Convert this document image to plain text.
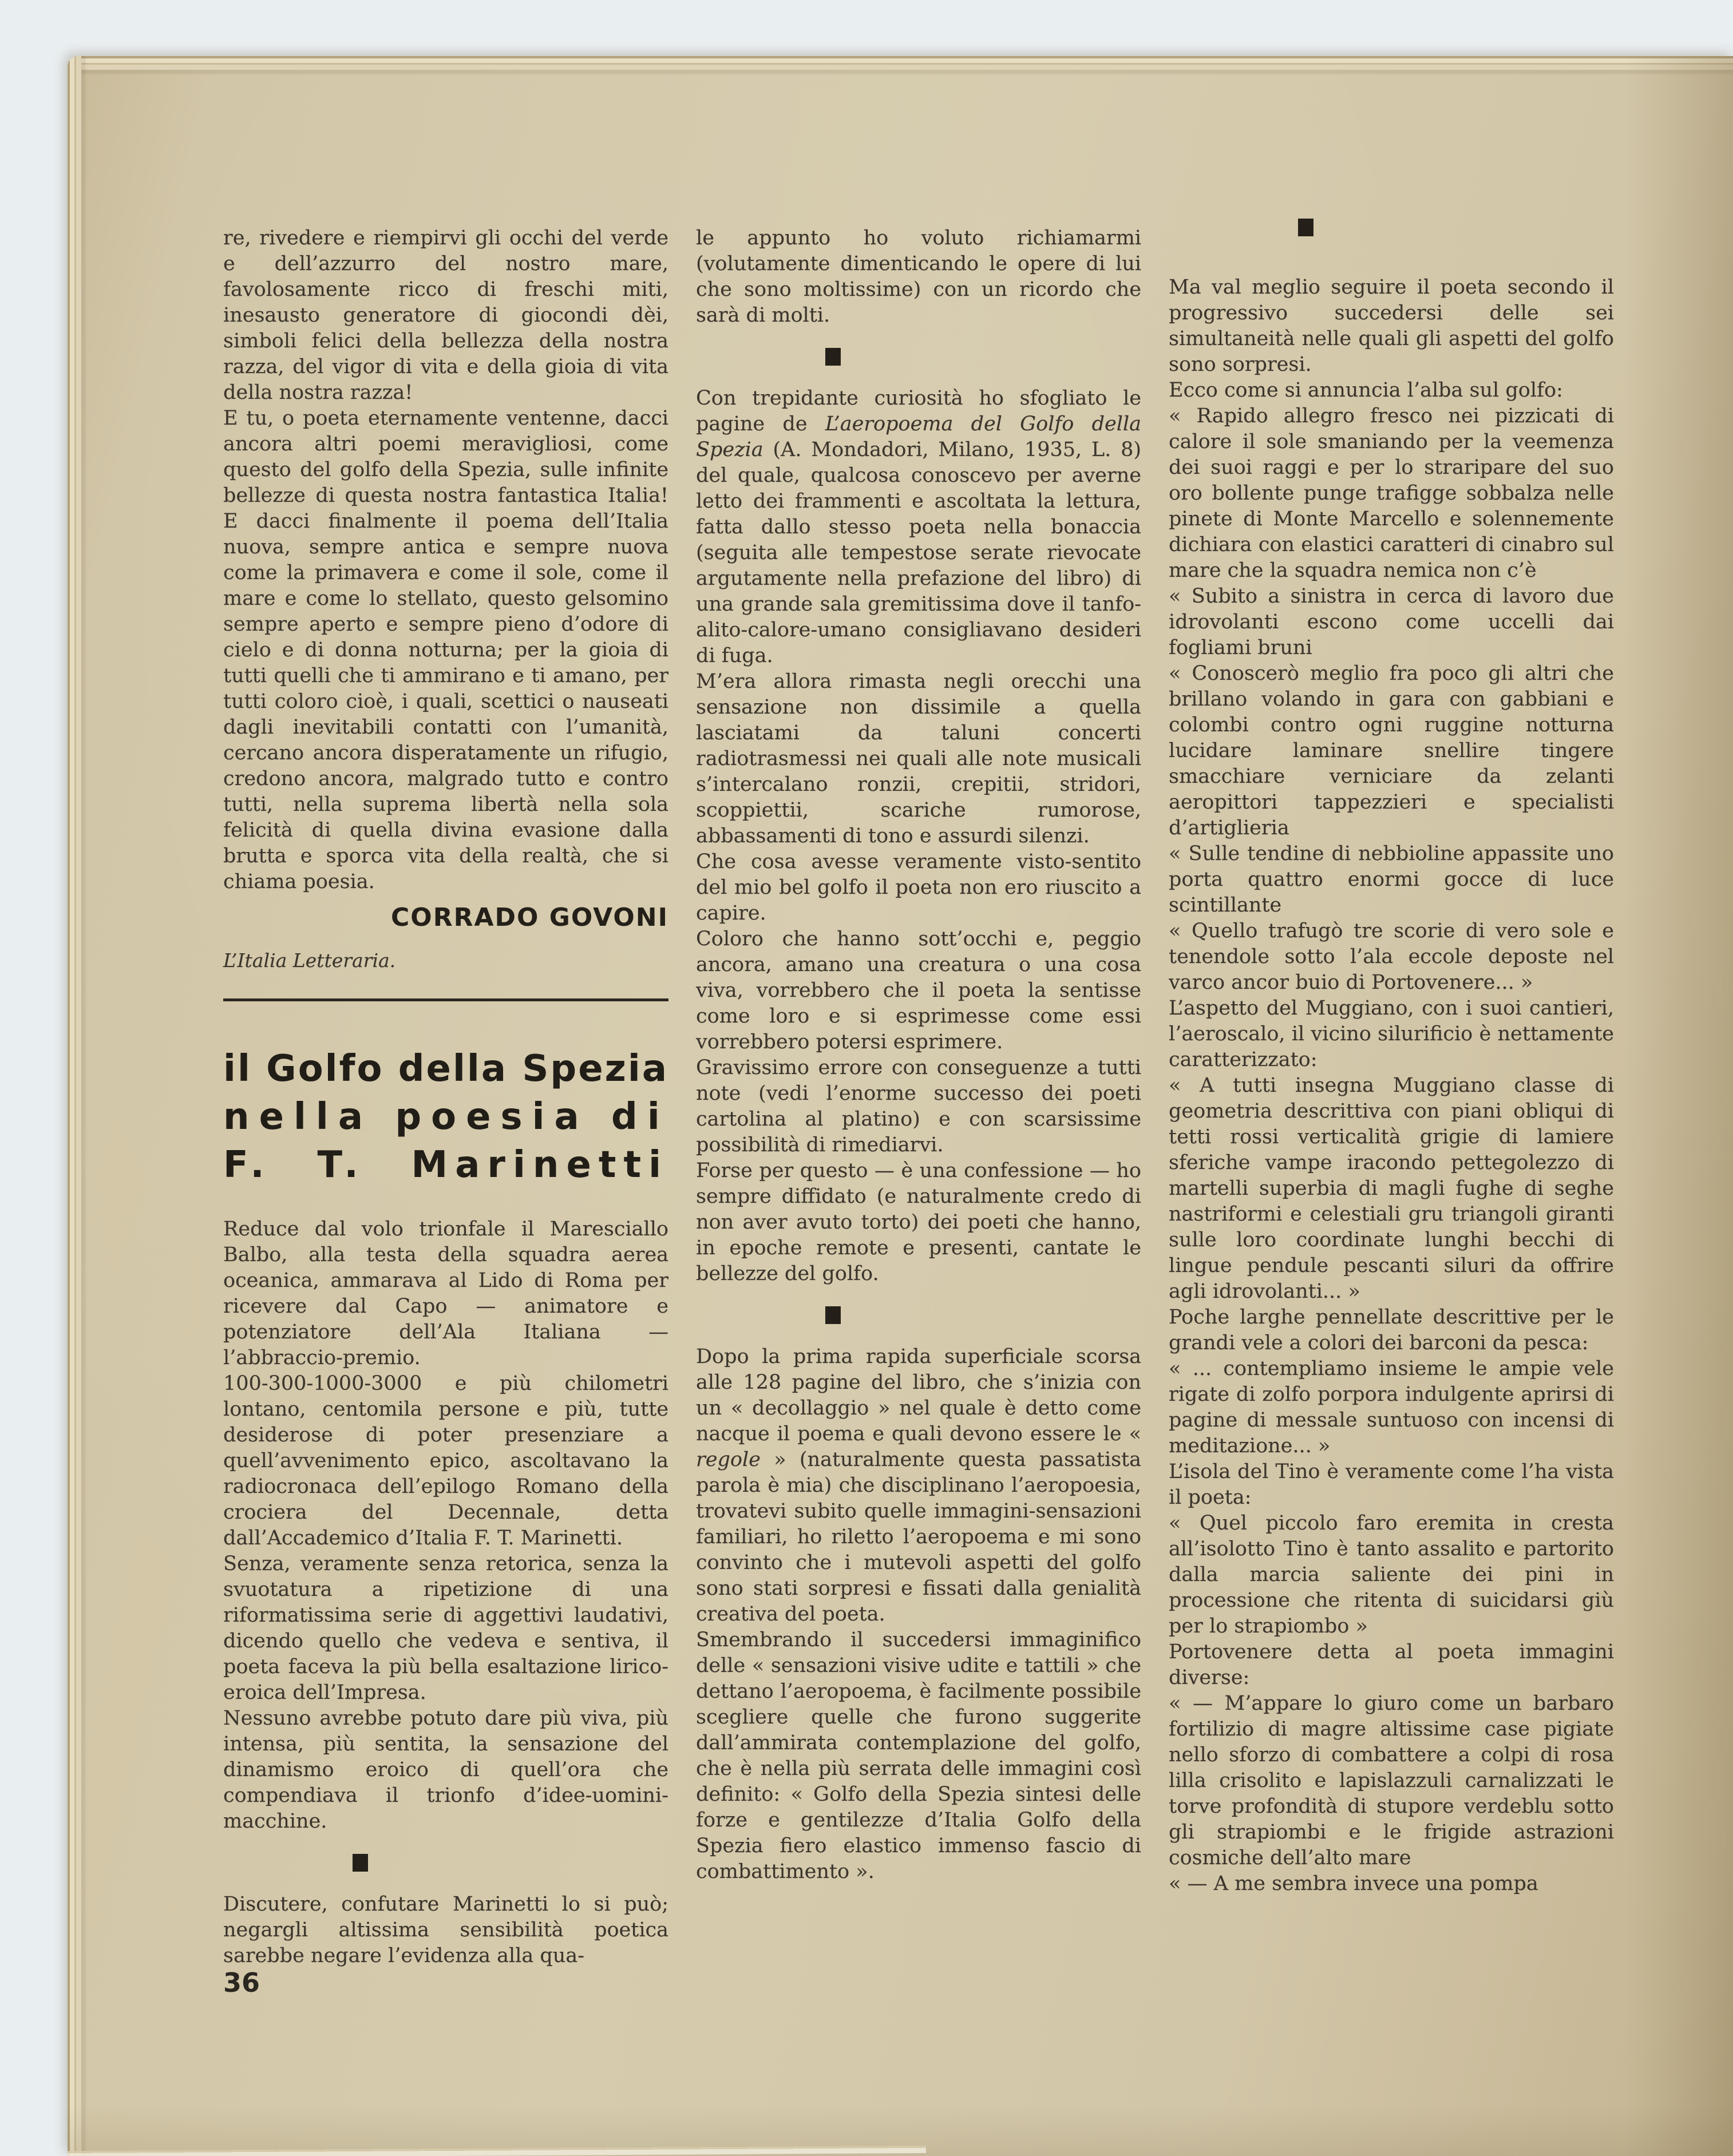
re, rivedere e riempirvi gli occhi del verde e dell’azzurro del nostro mare, favolosamente ricco di freschi miti, inesausto generatore di giocondi dèi, simboli felici della bellezza della nostra razza, del vigor di vita e della gioia di vita della nostra razza!

E tu, o poeta eternamente ventenne, dacci ancora altri poemi meravigliosi, come questo del golfo della Spezia, sulle infinite bellezze di questa nostra fantastica Italia! E dacci finalmente il poema dell’Italia nuova, sempre antica e sempre nuova come la primavera e come il sole, come il mare e come lo stellato, questo gelsomino sempre aperto e sempre pieno d’odore di cielo e di donna notturna; per la gioia di tutti quelli che ti ammirano e ti amano, per tutti coloro cioè, i quali, scettici o nauseati dagli inevitabili contatti con l’umanità, cercano ancora disperatamente un rifugio, credono ancora, malgrado tutto e contro tutti, nella suprema libertà nella sola felicità di quella divina evasione dalla brutta e sporca vita della realtà, che si chiama poesia.

CORRADO GOVONI

L’Italia Letteraria.

il Golfo della Spezia
nella poesia di
F. T. Marinetti

Reduce dal volo trionfale il Maresciallo Balbo, alla testa della squadra aerea oceanica, ammarava al Lido di Roma per ricevere dal Capo — animatore e potenziatore dell’Ala Italiana — l’abbraccio-premio.

100-300-1000-3000 e più chilometri lontano, centomila persone e più, tutte desiderose di poter presenziare a quell’avvenimento epico, ascoltavano la radiocronaca dell’epilogo Romano della crociera del Decennale, detta dall’Accademico d’Italia F. T. Marinetti.

Senza, veramente senza retorica, senza la svuotatura a ripetizione di una riformatissima serie di aggettivi laudativi, dicendo quello che vedeva e sentiva, il poeta faceva la più bella esaltazione lirico-eroica dell’Impresa.

Nessuno avrebbe potuto dare più viva, più intensa, più sentita, la sensazione del dinamismo eroico di quell’ora che compendiava il trionfo d’idee-uomini-macchine.

Discutere, confutare Marinetti lo si può; negargli altissima sensibilità poetica sarebbe negare l’evidenza alla qua-

le appunto ho voluto richiamarmi (volutamente dimenticando le opere di lui che sono moltissime) con un ricordo che sarà di molti.

Con trepidante curiosità ho sfogliato le pagine de L’aeropoema del Golfo della Spezia (A. Mondadori, Milano, 1935, L. 8) del quale, qualcosa conoscevo per averne letto dei frammenti e ascoltata la lettura, fatta dallo stesso poeta nella bonaccia (seguita alle tempestose serate rievocate argutamente nella prefazione del libro) di una grande sala gremitissima dove il tanfo-alito-calore-umano consigliavano desideri di fuga.

M’era allora rimasta negli orecchi una sensazione non dissimile a quella lasciatami da taluni concerti radiotrasmessi nei quali alle note musicali s’intercalano ronzii, crepitii, stridori, scoppiettii, scariche rumorose, abbassamenti di tono e assurdi silenzi.

Che cosa avesse veramente visto-sentito del mio bel golfo il poeta non ero riuscito a capire.

Coloro che hanno sott’occhi e, peggio ancora, amano una creatura o una cosa viva, vorrebbero che il poeta la sentisse come loro e si esprimesse come essi vorrebbero potersi esprimere.

Gravissimo errore con conseguenze a tutti note (vedi l’enorme successo dei poeti cartolina al platino) e con scarsissime possibilità di rimediarvi.

Forse per questo — è una confessione — ho sempre diffidato (e naturalmente credo di non aver avuto torto) dei poeti che hanno, in epoche remote e presenti, cantate le bellezze del golfo.

Dopo la prima rapida superficiale scorsa alle 128 pagine del libro, che s’inizia con un « decollaggio » nel quale è detto come nacque il poema e quali devono essere le « regole » (naturalmente questa passatista parola è mia) che disciplinano l’aeropoesia, trovatevi subito quelle immagini-sensazioni familiari, ho riletto l’aeropoema e mi sono convinto che i mutevoli aspetti del golfo sono stati sorpresi e fissati dalla genialità creativa del poeta.

Smembrando il succedersi immaginifico delle « sensazioni visive udite e tattili » che dettano l’aeropoema, è facilmente possibile scegliere quelle che furono suggerite dall’ammirata contemplazione del golfo, che è nella più serrata delle immagini così definito: « Golfo della Spezia sintesi delle forze e gentilezze d’Italia Golfo della Spezia fiero elastico immenso fascio di combattimento ».

Ma val meglio seguire il poeta secondo il progressivo succedersi delle sei simultaneità nelle quali gli aspetti del golfo sono sorpresi.

Ecco come si annuncia l’alba sul golfo:

« Rapido allegro fresco nei pizzicati di calore il sole smaniando per la veemenza dei suoi raggi e per lo straripare del suo oro bollente punge trafigge sobbalza nelle pinete di Monte Marcello e solennemente dichiara con elastici caratteri di cinabro sul mare che la squadra nemica non c’è

« Subito a sinistra in cerca di lavoro due idrovolanti escono come uccelli dai fogliami bruni

« Conoscerò meglio fra poco gli altri che brillano volando in gara con gabbiani e colombi contro ogni ruggine notturna lucidare laminare snellire tingere smacchiare verniciare da zelanti aeropittori tappezzieri e specialisti d’artiglieria

« Sulle tendine di nebbioline appassite uno porta quattro enormi gocce di luce scintillante

« Quello trafugò tre scorie di vero sole e tenendole sotto l’ala eccole deposte nel varco ancor buio di Portovenere... »

L’aspetto del Muggiano, con i suoi cantieri, l’aeroscalo, il vicino silurificio è nettamente caratterizzato:

« A tutti insegna Muggiano classe di geometria descrittiva con piani obliqui di tetti rossi verticalità grigie di lamiere sferiche vampe iracondo pettegolezzo di martelli superbia di magli fughe di seghe nastriformi e celestiali gru triangoli giranti sulle loro coordinate lunghi becchi di lingue pendule pescanti siluri da offrire agli idrovolanti... »

Poche larghe pennellate descrittive per le grandi vele a colori dei barconi da pesca:

« ... contempliamo insieme le ampie vele rigate di zolfo porpora indulgente aprirsi di pagine di messale suntuoso con incensi di meditazione... »

L’isola del Tino è veramente come l’ha vista il poeta:

« Quel piccolo faro eremita in cresta all’isolotto Tino è tanto assalito e partorito dalla marcia saliente dei pini in processione che ritenta di suicidarsi giù per lo strapiombo »

Portovenere detta al poeta immagini diverse:

« — M’appare lo giuro come un barbaro fortilizio di magre altissime case pigiate nello sforzo di combattere a colpi di rosa lilla crisolito e lapislazzuli carnalizzati le torve profondità di stupore verdeblu sotto gli strapiombi e le frigide astrazioni cosmiche dell’alto mare

« — A me sembra invece una pompa

36
